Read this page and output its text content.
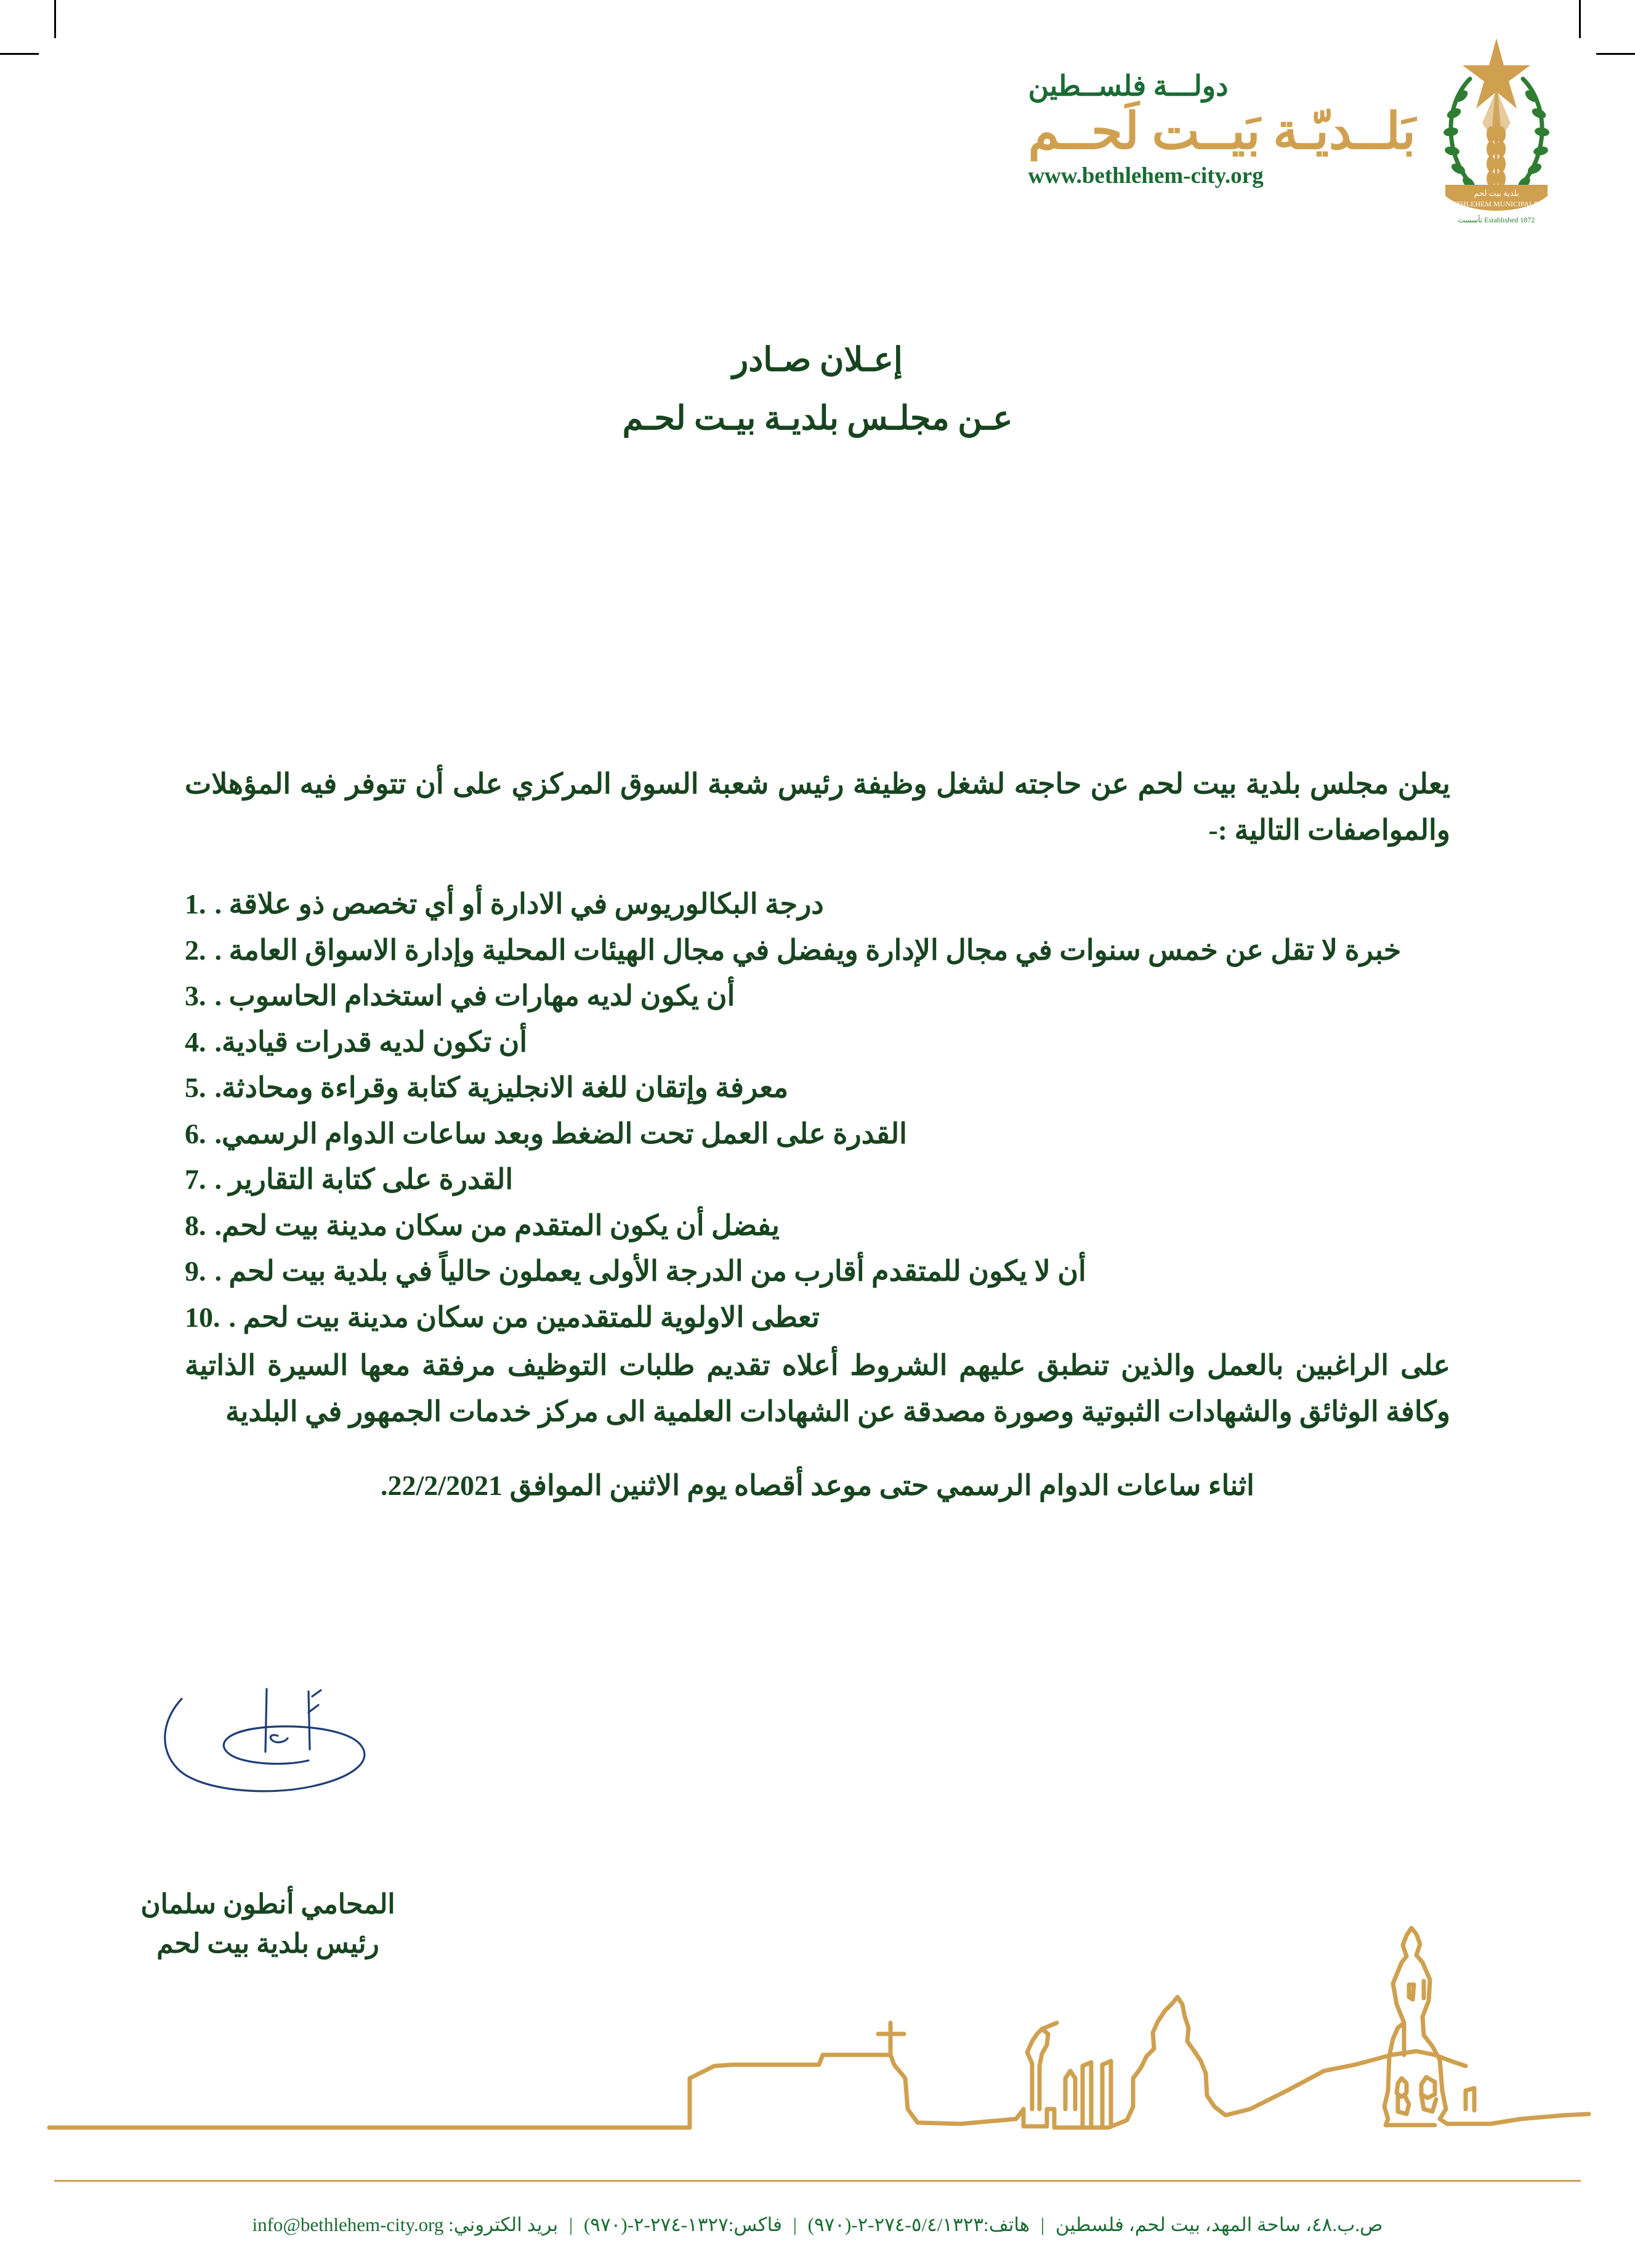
بلدية بيت لحم
BETHLEHEM MUNICIPALITY
Established 1872 تأسست
دولـــة فلســطين
بَلــديّـة بَيــت لَحــم
www.bethlehem-city.org
إعـلان صـادر
عـن مجلـس بلديـة بيـت لحـم

يعلن مجلس بلدية بيت لحم عن حاجته لشغل وظيفة رئيس شعبة السوق المركزي على أن تتوفر فيه المؤهلات والمواصفات التالية :-

درجة البكالوريوس في الادارة أو أي تخصص ذو علاقة .
1.
خبرة لا تقل عن خمس سنوات في مجال الإدارة ويفضل في مجال الهيئات المحلية وإدارة الاسواق العامة .
2.
أن يكون لديه مهارات في استخدام الحاسوب .
3.
أن تكون لديه قدرات قيادية.
4.
معرفة وإتقان للغة الانجليزية كتابة وقراءة ومحادثة.
5.
القدرة على العمل تحت الضغط وبعد ساعات الدوام الرسمي.
6.
القدرة على كتابة التقارير .
7.
يفضل أن يكون المتقدم من سكان مدينة بيت لحم.
8.
أن لا يكون للمتقدم أقارب من الدرجة الأولى يعملون حالياً في بلدية بيت لحم .
9.
تعطى الاولوية للمتقدمين من سكان مدينة بيت لحم .
10.

على الراغبين بالعمل والذين تنطبق عليهم الشروط أعلاه تقديم طلبات التوظيف مرفقة معها السيرة الذاتية وكافة الوثائق والشهادات الثبوتية وصورة مصدقة عن الشهادات العلمية الى مركز خدمات الجمهور في البلدية

اثناء ساعات الدوام الرسمي حتى موعد أقصاه يوم الاثنين الموافق 22/2/2021.

المحامي أنطون سلمان
رئيس بلدية بيت لحم
ص.ب.٤٨، ساحة المهد، بيت لحم، فلسطين | هاتف:٥/٤/١٣٢٣-٢٧٤-٢-(٩٧٠) | فاكس:١٣٢٧-٢٧٤-٢-(٩٧٠) | بريد الكتروني: info@bethlehem-city.org
